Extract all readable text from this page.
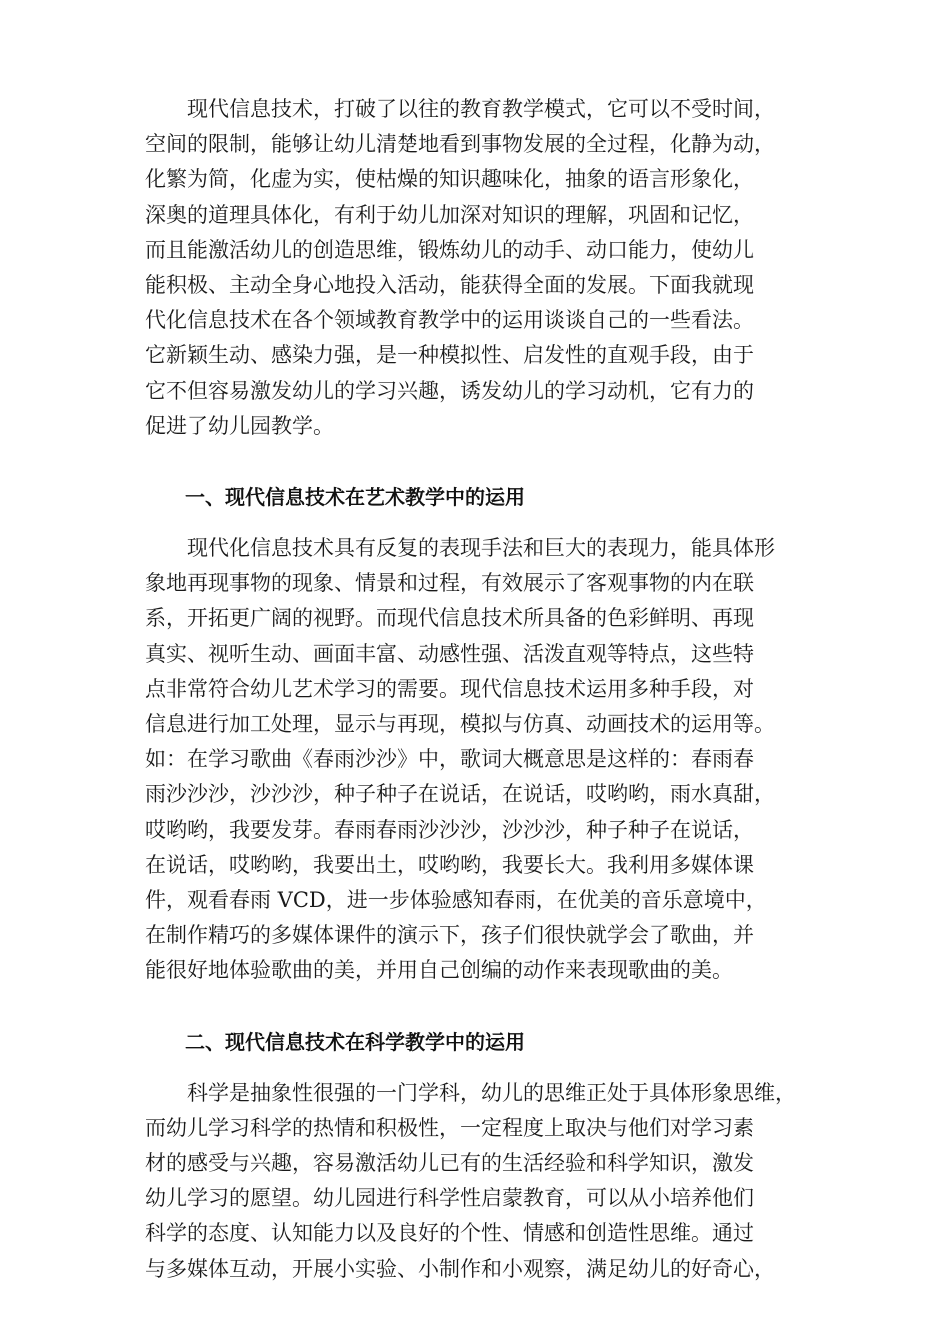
现代信息技术，打破了以往的教育教学模式，它可以不受时间，
空间的限制，能够让幼儿清楚地看到事物发展的全过程，化静为动，
化繁为简，化虚为实，使枯燥的知识趣味化，抽象的语言形象化，
深奥的道理具体化，有利于幼儿加深对知识的理解，巩固和记忆，
而且能激活幼儿的创造思维，锻炼幼儿的动手、动口能力，使幼儿
能积极、主动全身心地投入活动，能获得全面的发展。下面我就现
代化信息技术在各个领域教育教学中的运用谈谈自己的一些看法。
它新颖生动、感染力强，是一种模拟性、启发性的直观手段，由于
它不但容易激发幼儿的学习兴趣，诱发幼儿的学习动机，它有力的
促进了幼儿园教学。

一、现代信息技术在艺术教学中的运用

现代化信息技术具有反复的表现手法和巨大的表现力，能具体形
象地再现事物的现象、情景和过程，有效展示了客观事物的内在联
系，开拓更广阔的视野。而现代信息技术所具备的色彩鲜明、再现
真实、视听生动、画面丰富、动感性强、活泼直观等特点，这些特
点非常符合幼儿艺术学习的需要。现代信息技术运用多种手段，对
信息进行加工处理，显示与再现，模拟与仿真、动画技术的运用等。
如：在学习歌曲《春雨沙沙》中，歌词大概意思是这样的：春雨春
雨沙沙沙，沙沙沙，种子种子在说话，在说话，哎哟哟，雨水真甜，
哎哟哟，我要发芽。春雨春雨沙沙沙，沙沙沙，种子种子在说话，
在说话，哎哟哟，我要出土，哎哟哟，我要长大。我利用多媒体课
件，观看春雨 VCD，进一步体验感知春雨，在优美的音乐意境中，
在制作精巧的多媒体课件的演示下，孩子们很快就学会了歌曲，并
能很好地体验歌曲的美，并用自己创编的动作来表现歌曲的美。

二、现代信息技术在科学教学中的运用

科学是抽象性很强的一门学科，幼儿的思维正处于具体形象思维，
而幼儿学习科学的热情和积极性，一定程度上取决与他们对学习素
材的感受与兴趣，容易激活幼儿已有的生活经验和科学知识，激发
幼儿学习的愿望。幼儿园进行科学性启蒙教育，可以从小培养他们
科学的态度、认知能力以及良好的个性、情感和创造性思维。通过
与多媒体互动，开展小实验、小制作和小观察，满足幼儿的好奇心，
